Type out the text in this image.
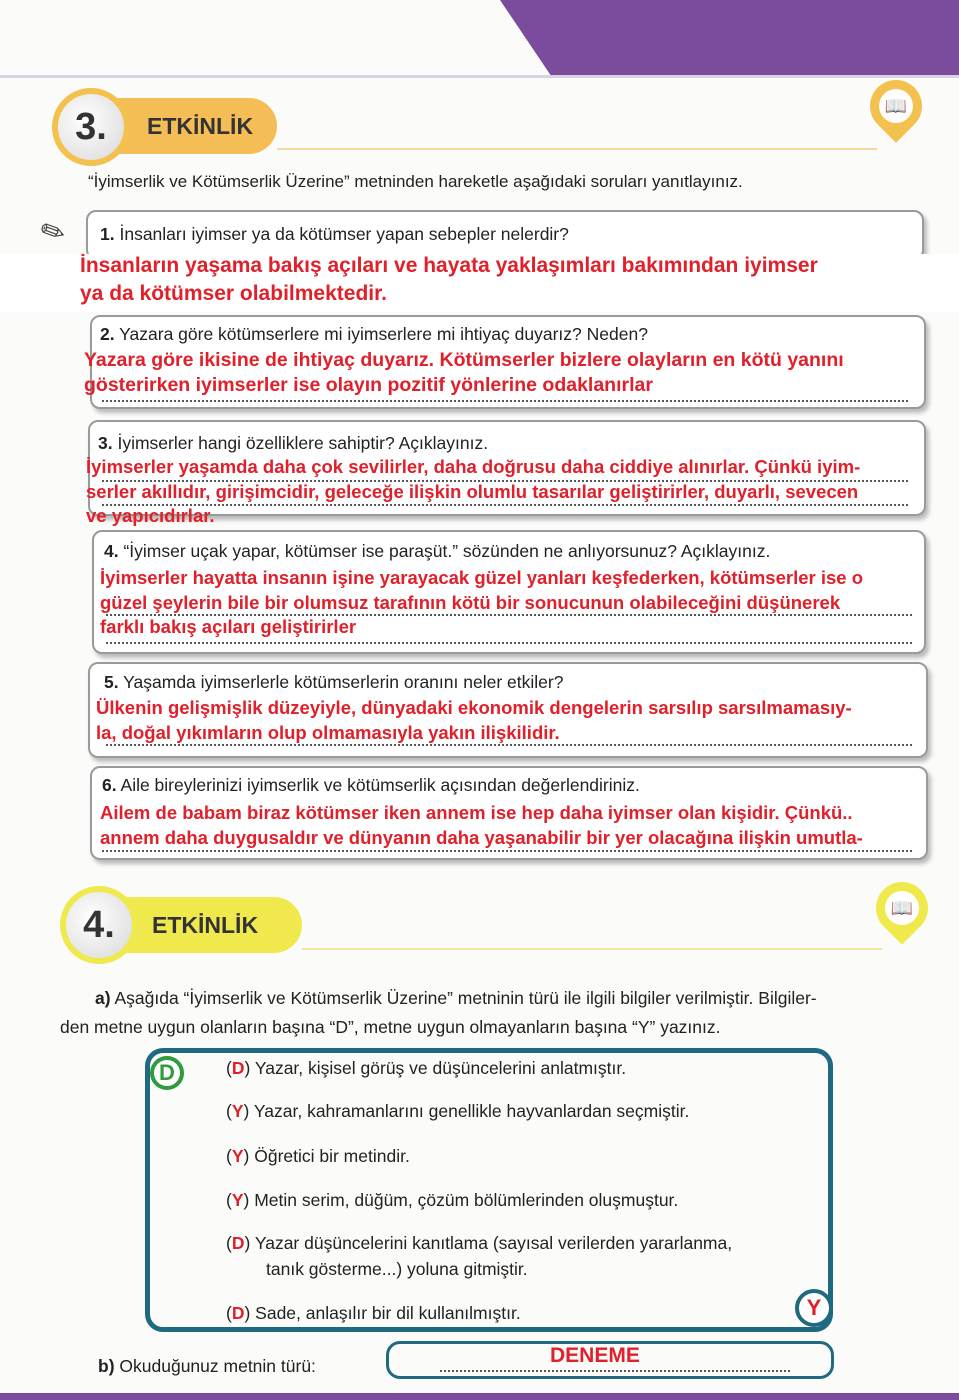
ETKİNLİK
3.	📖
“İyimserlik ve Kötümserlik Üzerine” metninden hareketle aşağıdaki soruları yanıtlayınız.
✏ 1. İnsanları iyimser ya da kötümser yapan sebepler nelerdir?
İnsanların yaşama bakış açıları ve hayata yaklaşımları bakımından iyimser
ya da kötümser olabilmektedir.
2. Yazara göre kötümserlere mi iyimserlere mi ihtiyaç duyarız? Neden?
Yazara göre ikisine de ihtiyaç duyarız. Kötümserler bizlere olayların en kötü yanını
gösterirken iyimserler ise olayın pozitif yönlerine odaklanırlar
3. İyimserler hangi özelliklere sahiptir? Açıklayınız.
İyimserler yaşamda daha çok sevilirler, daha doğrusu daha ciddiye alınırlar. Çünkü iyim-
serler akıllıdır, girişimcidir, geleceğe ilişkin olumlu tasarılar geliştirirler, duyarlı, sevecen
ve yapıcıdırlar.
4. “İyimser uçak yapar, kötümser ise paraşüt.” sözünden ne anlıyorsunuz? Açıklayınız.
İyimserler hayatta insanın işine yarayacak güzel yanları keşfederken, kötümserler ise o
güzel şeylerin bile bir olumsuz tarafının kötü bir sonucunun olabileceğini düşünerek
farklı bakış açıları geliştirirler
5. Yaşamda iyimserlerle kötümserlerin oranını neler etkiler?
Ülkenin gelişmişlik düzeyiyle, dünyadaki ekonomik dengelerin sarsılıp sarsılmamasıy-
la, doğal yıkımların olup olmamasıyla yakın ilişkilidir.
6. Aile bireylerinizi iyimserlik ve kötümserlik açısından değerlendiriniz.
Ailem de babam biraz kötümser iken annem ise hep daha iyimser olan kişidir. Çünkü..
annem daha duygusaldır ve dünyanın daha yaşanabilir bir yer olacağına ilişkin umutla-
ETKİNLİK
4.	📖
a) Aşağıda “İyimserlik ve Kötümserlik Üzerine” metninin türü ile ilgili bilgiler verilmiştir. Bilgiler-
den metne uygun olanların başına “D”, metne uygun olmayanların başına “Y” yazınız.
D
Y
(D) Yazar, kişisel görüş ve düşüncelerini anlatmıştır.
(Y) Yazar, kahramanlarını genellikle hayvanlardan seçmiştir.
(Y) Öğretici bir metindir.
(Y) Metin serim, düğüm, çözüm bölümlerinden oluşmuştur.
(D) Yazar düşüncelerini kanıtlama (sayısal verilerden yararlanma,
tanık gösterme...) yoluna gitmiştir.
(D) Sade, anlaşılır bir dil kullanılmıştır.
b) Okuduğunuz metnin türü:	DENEME
